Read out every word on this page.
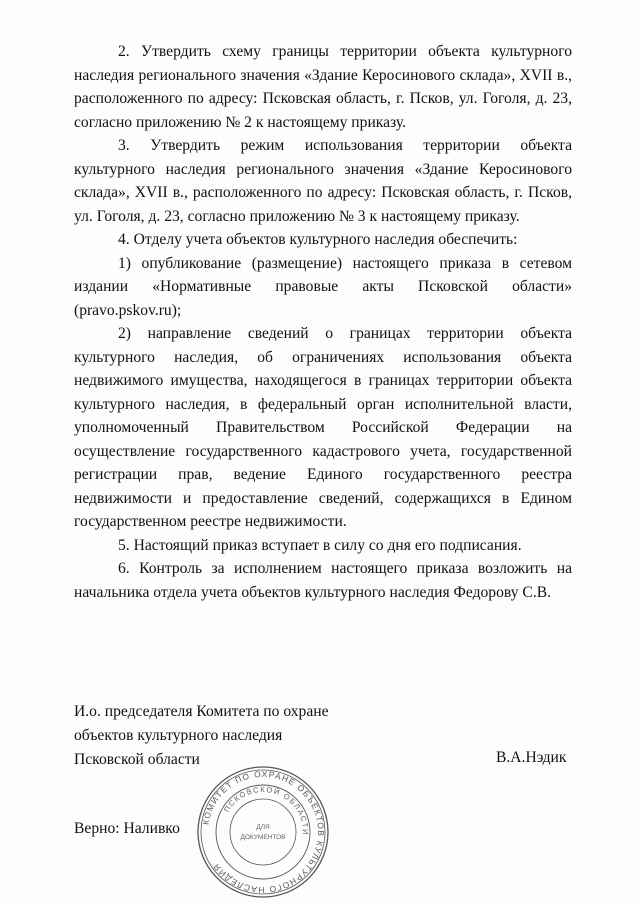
2. Утвердить схему границы территории объекта культурного наследия регионального значения «Здание Керосинового склада», XVII в., расположенного по адресу: Псковская область, г. Псков, ул. Гоголя, д. 23, согласно приложению № 2 к настоящему приказу.

3. Утвердить режим использования территории объекта культурного наследия регионального значения «Здание Керосинового склада», XVII в., расположенного по адресу: Псковская область, г. Псков, ул. Гоголя, д. 23, согласно приложению № 3 к настоящему приказу.

4. Отделу учета объектов культурного наследия обеспечить:

1) опубликование (размещение) настоящего приказа в сетевом издании «Нормативные правовые акты Псковской области» (pravo.pskov.ru);

2) направление сведений о границах территории объекта культурного наследия, об ограничениях использования объекта недвижимого имущества, находящегося в границах территории объекта культурного наследия, в федеральный орган исполнительной власти, уполномоченный Правительством Российской Федерации на осуществление государственного кадастрового учета, государственной регистрации прав, ведение Единого государственного реестра недвижимости и предоставление сведений, содержащихся в Едином государственном реестре недвижимости.

5. Настоящий приказ вступает в силу со дня его подписания.

6. Контроль за исполнением настоящего приказа возложить на начальника отдела учета объектов культурного наследия Федорову С.В.

И.о. председателя Комитета по охране
объектов культурного наследия
Псковской области	В.А.Нэдик
Верно: Наливко КОМИТЕТ ПО ОХРАНЕ ОБЪЕКТОВ КУЛЬТУРНОГО НАСЛЕДИЯ
ПСКОВСКОЙ ОБЛАСТИ
ДЛЯ
ДОКУМЕНТОВ
